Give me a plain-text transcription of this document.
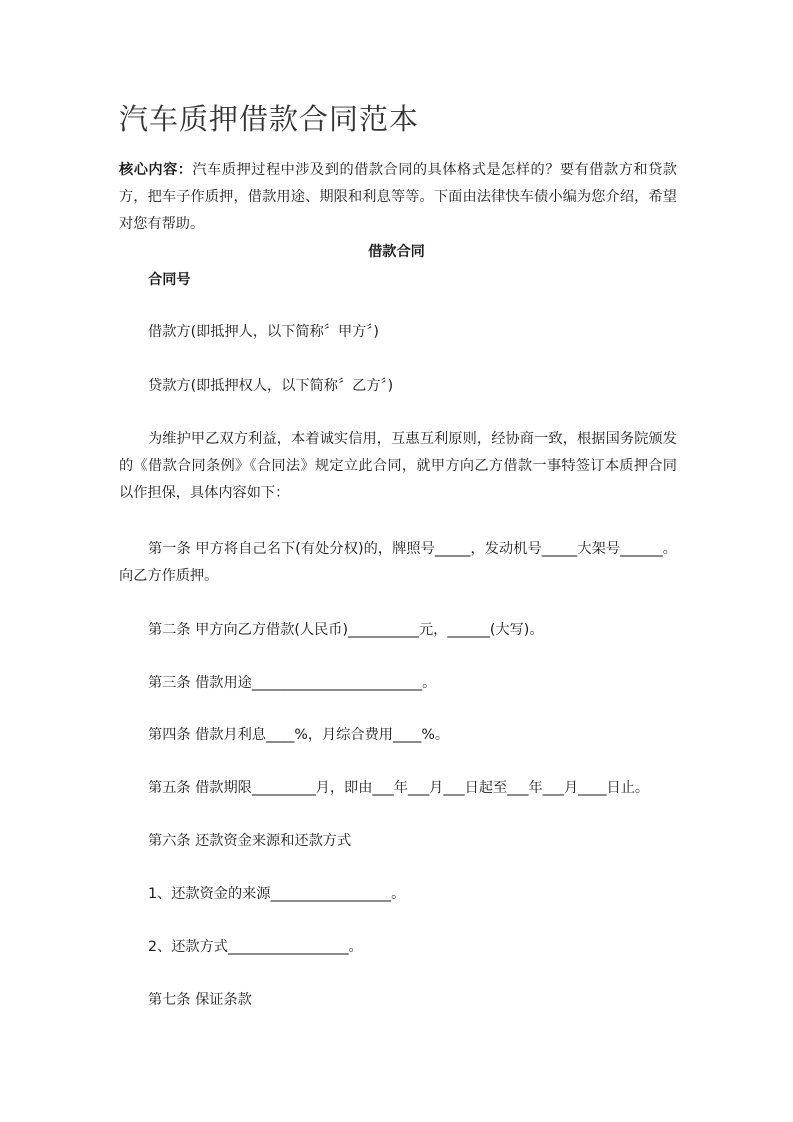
汽车质押借款合同范本
核心内容：汽车质押过程中涉及到的借款合同的具体格式是怎样的？要有借款方和贷款方，把车子作质押，借款用途、期限和利息等等。下面由法律快车债小编为您介绍，希望对您有帮助。
借款合同
合同号
借款方(即抵押人，以下简称〞甲方〞)
贷款方(即抵押权人，以下简称〞乙方〞)
为维护甲乙双方利益，本着诚实信用，互惠互利原则，经协商一致，根据国务院颁发的《借款合同条例》《合同法》规定立此合同，就甲方向乙方借款一事特签订本质押合同以作担保，具体内容如下：
第一条 甲方将自己名下(有处分权)的，牌照号_____，发动机号_____大架号______。向乙方作质押。
第二条 甲方向乙方借款(人民币)__________元，______(大写)。
第三条 借款用途________________________。
第四条 借款月利息____%，月综合费用____%。
第五条 借款期限_________月，即由___年___月___日起至___年___月____日止。
第六条 还款资金来源和还款方式
1、还款资金的来源_________________。
2、还款方式_________________。
第七条 保证条款
